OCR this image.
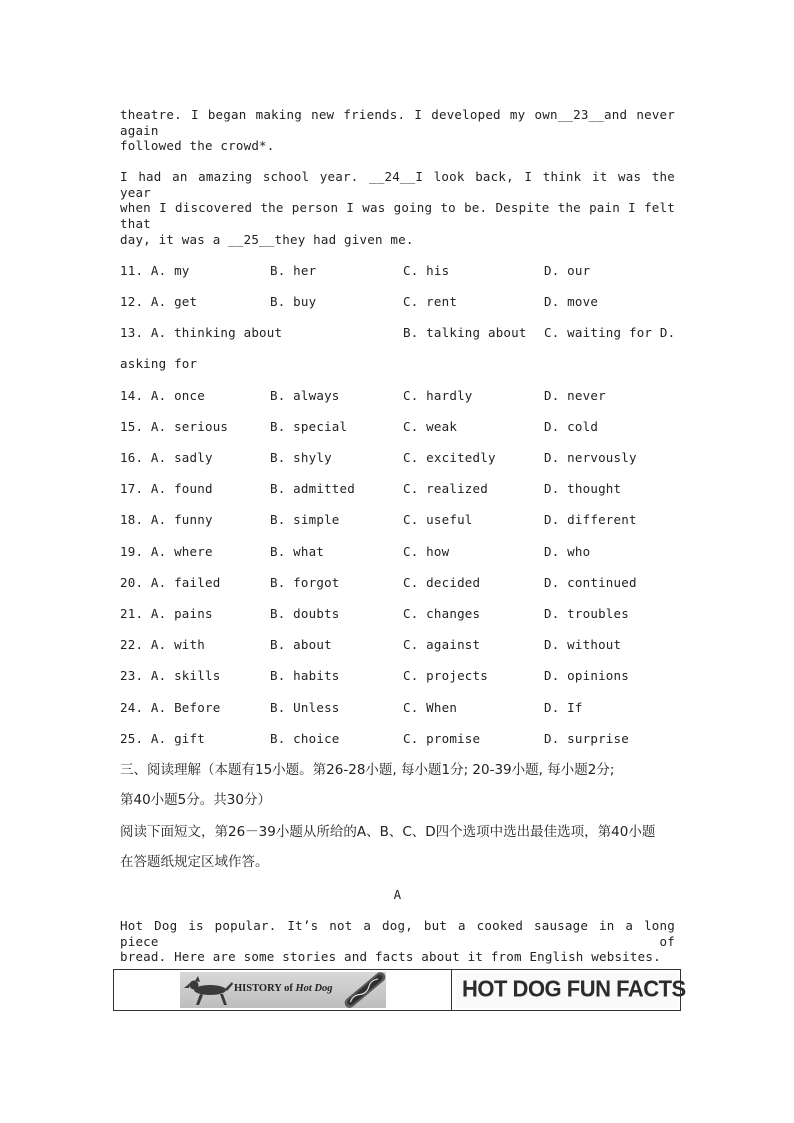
theatre. I began making new friends. I developed my own__23__and never again
followed the crowd*.
I had an amazing school year. __24__I look back, I think it was the year
when I discovered the person I was going to be. Despite the pain I felt that
day, it was a __25__they had given me.
11. A. my	B. her	C. his	D. our
12. A. get	B. buy	C. rent	D. move
13. A. thinking about	B. talking about C. waiting for D.
asking for
14. A. once	B. always	C. hardly	D. never
15. A. serious	B. special	C. weak	D. cold
16. A. sadly	B. shyly	C. excitedly	D. nervously
17. A. found	B. admitted	C. realized	D. thought
18. A. funny	B. simple	C. useful	D. different
19. A. where	B. what	C. how	D. who
20. A. failed	B. forgot	C. decided	D. continued
21. A. pains	B. doubts	C. changes	D. troubles
22. A. with	B. about	C. against	D. without
23. A. skills	B. habits	C. projects	D. opinions
24. A. Before	B. Unless	C. When	D. If
25. A. gift	B. choice	C. promise	D. surprise
三、阅读理解（本题有15小题。第26-28小题, 每小题1分; 20-39小题, 每小题2分;
第40小题5分。共30分）
阅读下面短文，第26－39小题从所给的A、B、C、D四个选项中选出最佳选项，第40小题
在答题纸规定区域作答。
A
Hot Dog is popular. It’s not a dog, but a cooked sausage in a long piece of
bread. Here are some stories and facts about it from English websites.
HISTORY of Hot Dog	HOT DOG FUN FACTS
